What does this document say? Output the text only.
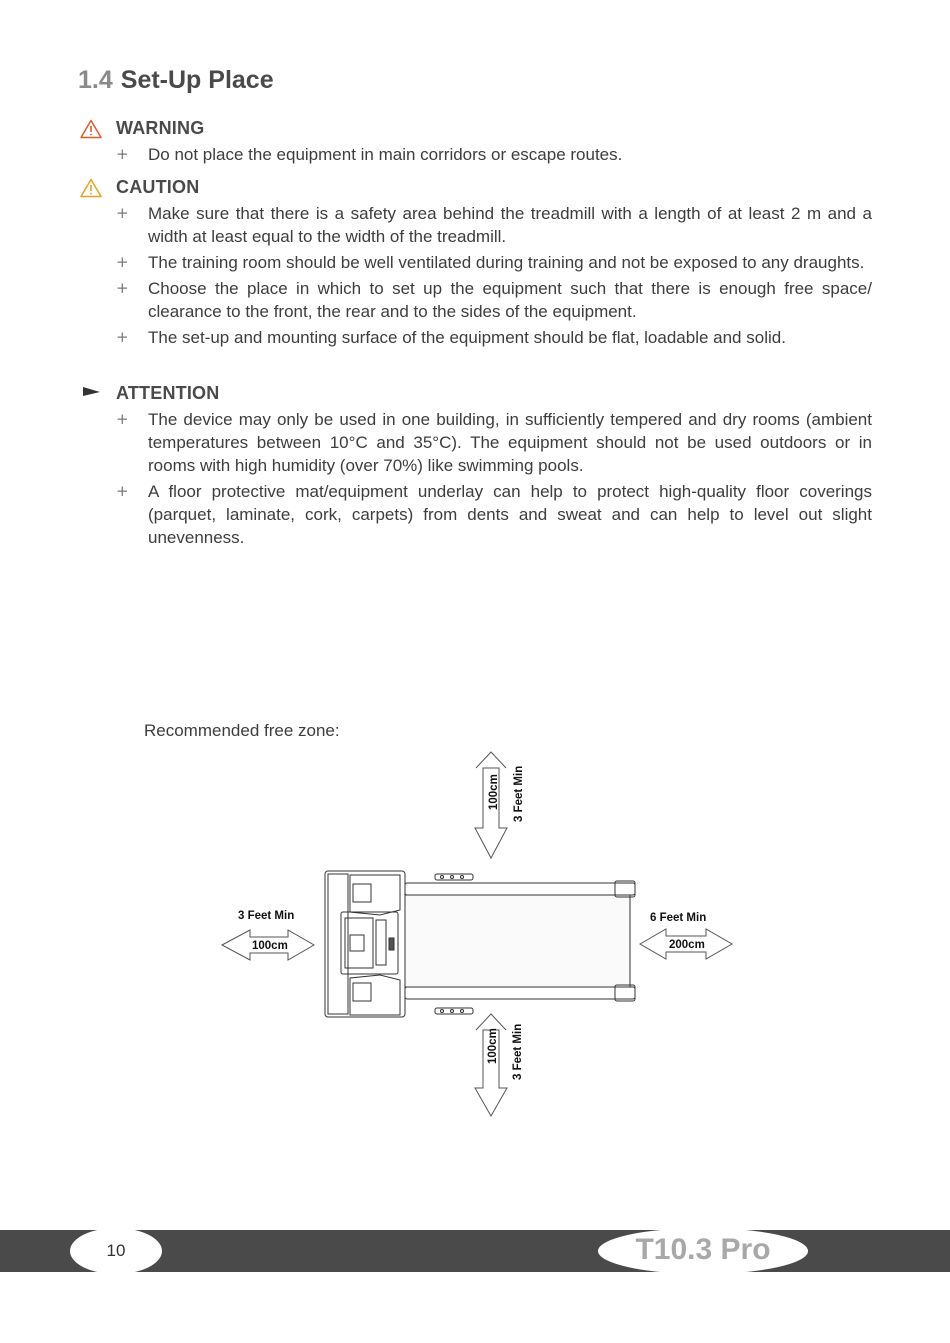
1.4 Set-Up Place
WARNING
+ Do not place the equipment in main corridors or escape routes.
CAUTION
+ Make sure that there is a safety area behind the treadmill with a length of at least 2 m and a width at least equal to the width of the treadmill.
+ The training room should be well ventilated during training and not be exposed to any draughts.
+ Choose the place in which to set up the equipment such that there is enough free space/ clearance to the front, the rear and to the sides of the equipment.
+ The set-up and mounting surface of the equipment should be flat, loadable and solid.
ATTENTION
+ The device may only be used in one building, in sufficiently tempered and dry rooms (ambient temperatures between 10°C and 35°C). The equipment should not be used outdoors or in rooms with high humidity (over 70%) like swimming pools.
+ A floor protective mat/equipment underlay can help to protect high-quality floor coverings (parquet, laminate, cork, carpets) from dents and sweat and can help to level out slight unevenness.
Recommended free zone:
100cm 3 Feet Min
100cm 3 Feet Min
3 Feet Min
100cm
6 Feet Min
200cm
10	T10.3 Pro
